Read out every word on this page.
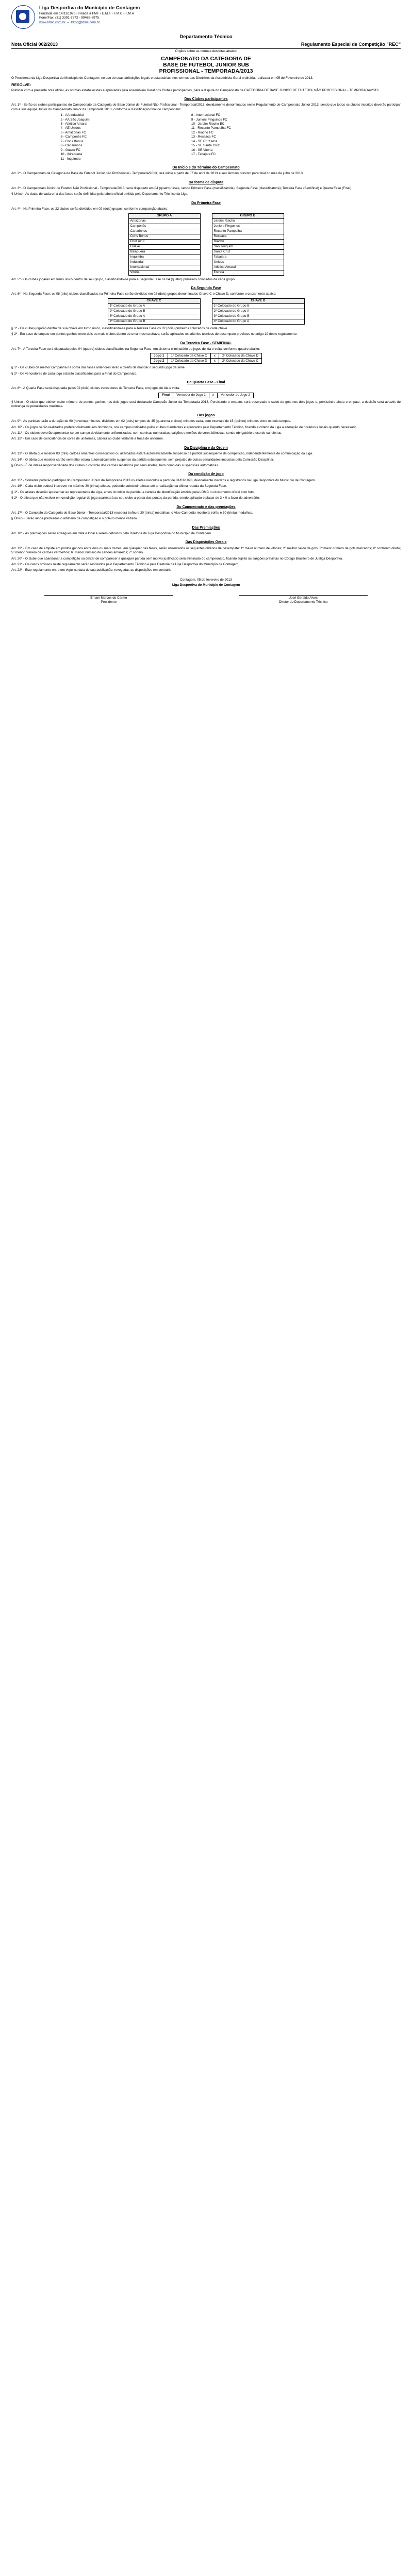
Liga Desportiva do Município de Contagem
Fundada em 14/11/1976 - Filiada à FMF - E.M.T - F.M.C - F.M.A
Fone/Fax: (31) 3391-7272 - 99488-8975
www.ldmc.com.br  –  ldmc@ldmc.com.br
Departamento Técnico
Nota Oficial 002/2013	Regulamento Especial de Competição "REC"
Órgãos sobre as normas descritas abaixo:
CAMPEONATO DA CATEGORIA DE
BASE DE FUTEBOL JUNIOR SUB
PROFISSIONAL - TEMPORADA/2013

O Presidente da Liga Desportiva do Município de Contagem, no uso de suas atribuições legais e estatutárias, nos termos das Diretrizes da Assembleia Geral ordinária, realizada em 05 de Fevereiro de 2013.

RESOLVE:

Publicar com a presente nota oficial, as normas estabelecidas e aprovadas pela Assembleia Geral dos Clubes participantes, para a disputa do Campeonato da CATEGORIA DE BASE JUNIOR DE FUTEBOL NÃO PROFISSIONAL - TEMPORADA/2013.

Dos Clubes participantes

Art. 1º - Serão os clubes participantes do Campeonato da Categoria de Base Júnior de Futebol Não Profissional - Temporada/2013, devidamente denominados neste Regulamento de Campeonato Júnior 2013, sendo que todos os clubes inscritos deverão participar com a sua equipe Júnior do Campeonato Júnior da Temporada 2013, conforme a classificação final do campeonato:

1 - AA Industrial	8 - Internacional FC
2 - AA São Joaquim	9 - Juniors Pinguinos FC
3 - Atlético Amaral	10 - Jardim Riacho EC
4 - AE Unidos	11 - Recanto Pampulha FC
5 - Amazonas FC	12 - Riacho FC
6 - Camponês FC	13 - Ressaca FC
7 - Coris Bonus	14 - SE Cruz Azul
8 - Canarinhos	15 - SE Santa Cruz
9 - Guaxe FC	16 - SE Vitória
10 - Ibirapuera	17 - Tabajara FC
11 - Inquimba	
Do Início e do Término do Campeonato

Art. 2º - O Campeonato da Categoria de Base de Futebol Júnior não Profissional - Temporada/2013, terá início a partir de 07 de abril de 2013 e seu término previsto para final do mês de julho de 2013.

Da forma de disputa

Art. 3º - O Campeonato Júnior de Futebol Não Profissional - Temporada/2013, será disputado em 04 (quatro) fases, sendo Primeira Fase (classificatória); Segunda Fase (classificatória); Terceira Fase (Semifinal) e Quarta Fase (Final).

§ Único - As datas de cada uma das fases serão definidas pela tabela oficial emitida pelo Departamento Técnico da Liga.

Da Primeira Fase

Art. 4º - Na Primeira Fase, os 22 clubes serão divididos em 02 (dois) grupos, conforme composição abaixo:

GRUPO A
Amazonas
Camponês
Canarinhos
Coris Bonus
Cruz Azul
Guaxe
Ibirapuera
Inquimba
Industrial
Internacional
Vitória
GRUPO B
Jardim Riacho
Juniors Pinguinos
Recanto Pampulha
Ressaca
Riacho
São Joaquim
Santa Cruz
Tabajara
Unidos
Atlético Amaral
Estrela

Art. 5º - Os clubes jogarão em turno único dentro de seu grupo, classificando-se para a Segunda Fase os 04 (quatro) primeiros colocados de cada grupo.

Da Segunda Fase

Art. 6º - Na Segunda Fase, os 08 (oito) clubes classificados na Primeira Fase serão divididos em 02 (dois) grupos denominados Chave C e Chave D, conforme o cruzamento abaixo:

CHAVE C
1º Colocado do Grupo A
2º Colocado do Grupo B
3º Colocado do Grupo A
4º Colocado do Grupo B
CHAVE D
1º Colocado do Grupo B
2º Colocado do Grupo A
3º Colocado do Grupo B
4º Colocado do Grupo A

§ 1º - Os clubes jogarão dentro de sua chave em turno único, classificando-se para a Terceira Fase os 02 (dois) primeiros colocados de cada chave.

§ 2º - Em caso de empate em pontos ganhos entre dois ou mais clubes dentro de uma mesma chave, serão aplicados os critérios técnicos de desempate previstos no artigo 19 deste regulamento.

Da Terceira Fase - SEMIFINAL

Art. 7º - A Terceira Fase será disputada pelos 04 (quatro) clubes classificados na Segunda Fase, em sistema eliminatório de jogos de ida e volta, conforme quadro abaixo:

Jogo 1	1º Colocado da Chave C	x	2º Colocado da Chave D
Jogo 2	1º Colocado da Chave D	x	2º Colocado da Chave C

§ 1º - Os clubes de melhor campanha na soma das fases anteriores terão o direito de mandar o segundo jogo da série.

§ 2º - Os vencedores de cada jogo estarão classificados para a Final do Campeonato.

Da Quarta Fase - Final

Art. 8º - A Quarta Fase será disputada pelos 02 (dois) clubes vencedores da Terceira Fase, em jogos de ida e volta.

Final	Vencedor do Jogo 1	x	Vencedor do Jogo 2

§ Único - O clube que obtiver maior número de pontos ganhos nos dois jogos será declarado Campeão Júnior da Temporada 2013. Persistindo o empate, será observado o saldo de gols nos dois jogos e, persistindo ainda o empate, a decisão será através de cobrança de penalidades máximas.

Dos jogos

Art. 9º - As partidas terão a duração de 90 (noventa) minutos, divididos em 02 (dois) tempos de 45 (quarenta e cinco) minutos cada, com intervalo de 15 (quinze) minutos entre os dois tempos.

Art. 10º - Os jogos serão realizados preferencialmente aos domingos, nos campos indicados pelos clubes mandantes e aprovados pelo Departamento Técnico, ficando a critério da Liga a alteração de horários e locais quando necessário.

Art. 11º - Os clubes deverão apresentar-se em campo devidamente uniformizados, com camisas numeradas, calções e meiões de cores idênticas, sendo obrigatório o uso de caneleiras.

Art. 12º - Em caso de coincidência de cores de uniformes, caberá ao clube visitante a troca de uniforme.

Da Disciplina e da Ordem

Art. 13º - O atleta que receber 03 (três) cartões amarelos consecutivos ou alternados estará automaticamente suspenso da partida subsequente da competição, independentemente de comunicação da Liga.

Art. 14º - O atleta que receber cartão vermelho estará automaticamente suspenso da partida subsequente, sem prejuízo de outras penalidades impostas pela Comissão Disciplinar.

§ Único - É de inteira responsabilidade dos clubes o controle dos cartões recebidos por seus atletas, bem como das suspensões automáticas.

Da condição de jogo

Art. 15º - Somente poderão participar do Campeonato Júnior da Temporada 2013 os atletas nascidos a partir de 01/01/1993, devidamente inscritos e registrados na Liga Desportiva do Município de Contagem.

Art. 16º - Cada clube poderá inscrever no máximo 30 (trinta) atletas, podendo substituir atletas até a realização da última rodada da Segunda Fase.

§ 1º - Os atletas deverão apresentar ao representante da Liga, antes do início da partida, a carteira de identificação emitida pela LDMC ou documento oficial com foto.

§ 2º - O atleta que não estiver em condição regular de jogo acarretará ao seu clube a perda dos pontos da partida, sendo aplicado o placar de 3 x 0 a favor do adversário.

Do Campeonato e das premiações

Art. 17º - O Campeão da Categoria de Base Júnior - Temporada/2013 receberá troféu e 30 (trinta) medalhas; o Vice-Campeão receberá troféu e 30 (trinta) medalhas.

§ Único - Serão ainda premiados o artilheiro da competição e o goleiro menos vazado.

Das Premiações

Art. 18º - As premiações serão entregues em data e local a serem definidos pela Diretoria da Liga Desportiva do Município de Contagem.

Das Disposições Gerais

Art. 19º - Em caso de empate em pontos ganhos entre dois ou mais clubes, em qualquer das fases, serão observados os seguintes critérios de desempate: 1º maior número de vitórias; 2º melhor saldo de gols; 3º maior número de gols marcados; 4º confronto direto; 5º menor número de cartões vermelhos; 6º menor número de cartões amarelos; 7º sorteio.

Art. 20º - O clube que abandonar a competição ou deixar de comparecer a qualquer partida sem motivo justificado será eliminado do campeonato, ficando sujeito às sanções previstas no Código Brasileiro de Justiça Desportiva.

Art. 21º - Os casos omissos neste regulamento serão resolvidos pelo Departamento Técnico e pela Diretoria da Liga Desportiva do Município de Contagem.

Art. 22º - Este regulamento entra em vigor na data de sua publicação, revogadas as disposições em contrário.

Contagem, 05 de fevereiro de 2013
Liga Desportiva do Município de Contagem
Ernani Marcos do Carmo
Presidente
José Geraldo Alves
Diretor do Departamento Técnico
